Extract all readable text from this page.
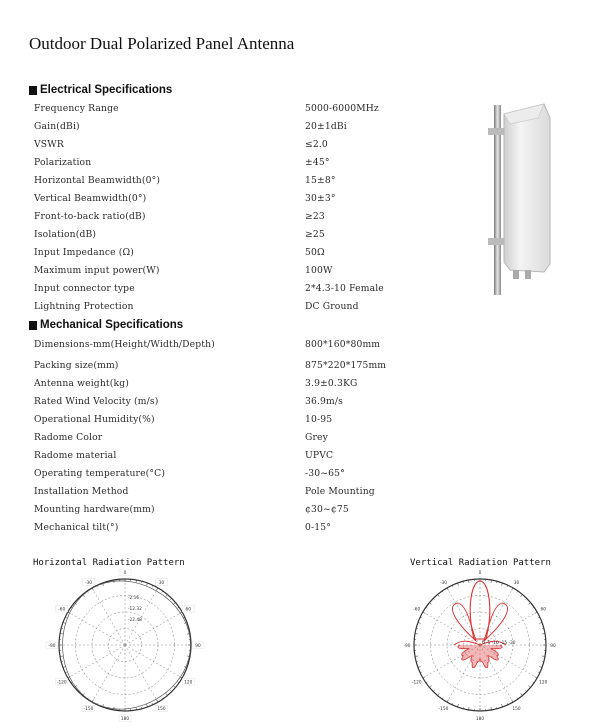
Outdoor Dual Polarized Panel Antenna
Electrical Specifications
Frequency Range	5000-6000MHz
Gain(dBi)	20±1dBi
VSWR	≤2.0
Polarization	±45°
Horizontal Beamwidth(0°)	15±8°
Vertical Beamwidth(0°)	30±3°
Front-to-back ratio(dB)	≥23
Isolation(dB)	≥25
Input Impedance (Ω)	50Ω
Maximum input power(W)	100W
Input connector type	2*4.3-10 Female
Lightning Protection	DC Ground
Mechanical Specifications
Dimensions-mm(Height/Width/Depth)	800*160*80mm
Packing size(mm)	875*220*175mm
Antenna weight(kg)	3.9±0.3KG
Rated Wind Velocity (m/s)	36.9m/s
Operational Humidity(%)	10-95
Radome Color	Grey
Radome material	UPVC
Operating temperature(°C)	-30~65°
Installation Method	Pole Mounting
Mounting hardware(mm)	¢30~¢75
Mechanical tilt(°)	0-15°
Horizontal Radiation Pattern	Vertical Radiation Pattern
-30
-60
-90
-120
-150
180
150
120
90
60
30
0
-2.16
-12.32
-22.48
-30
-60
-90
-120
-150
180
150
120
90
60
30
0
0 -5 -10 -15 -20
